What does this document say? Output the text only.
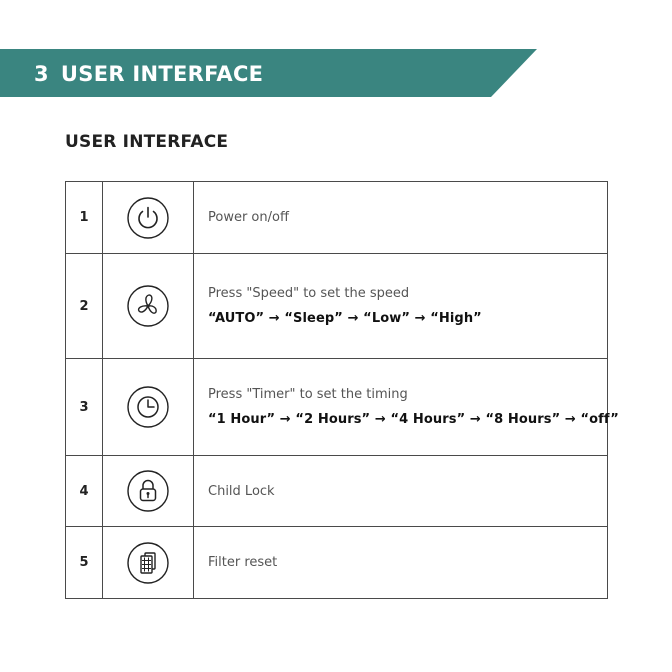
3 USER INTERFACE
USER INTERFACE
1		Power on/off

2		Press "Speed" to set the speed
“AUTO” → “Sleep” → “Low” → “High”

3		Press "Timer" to set the timing
“1 Hour” → “2 Hours” → “4 Hours” → “8 Hours” → “off”

4		Child Lock

5		Filter reset
